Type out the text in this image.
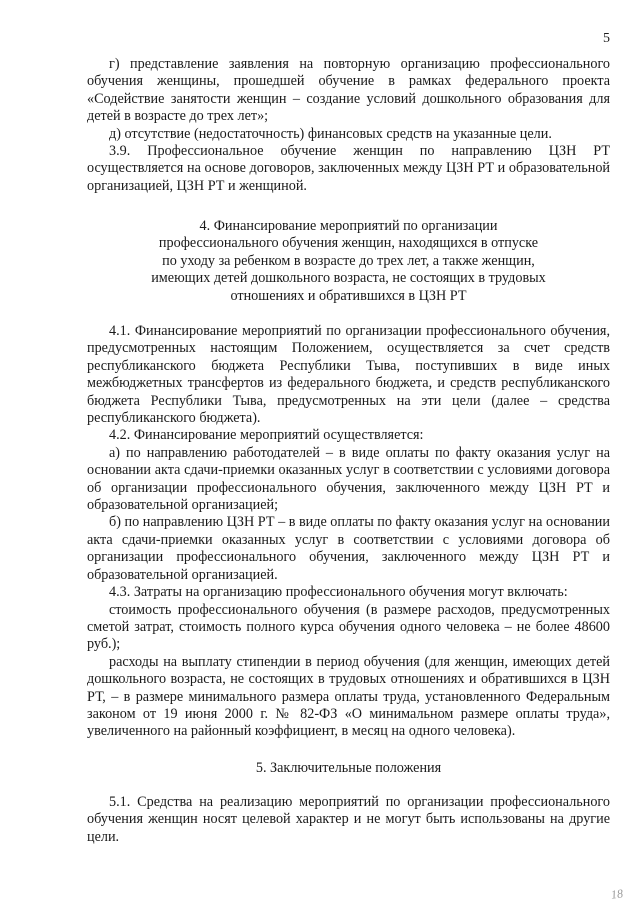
5

г) представление заявления на повторную организацию профессионального обучения женщины, прошедшей обучение в рамках федерального проекта «Содействие занятости женщин – создание условий дошкольного образования для детей в возрасте до трех лет»;

д) отсутствие (недостаточность) финансовых средств на указанные цели.

3.9. Профессиональное обучение женщин по направлению ЦЗН РТ осуществляется на основе договоров, заключенных между ЦЗН РТ и образовательной организацией, ЦЗН РТ и женщиной.

4. Финансирование мероприятий по организации
профессионального обучения женщин, находящихся в отпуске
по уходу за ребенком в возрасте до трех лет, а также женщин,
имеющих детей дошкольного возраста, не состоящих в трудовых
отношениях и обратившихся в ЦЗН РТ

4.1. Финансирование мероприятий по организации профессионального обучения, предусмотренных настоящим Положением, осуществляется за счет средств республиканского бюджета Республики Тыва, поступивших в виде иных межбюджетных трансфертов из федерального бюджета, и средств республиканского бюджета Республики Тыва, предусмотренных на эти цели (далее – средства республиканского бюджета).

4.2. Финансирование мероприятий осуществляется:

а) по направлению работодателей – в виде оплаты по факту оказания услуг на основании акта сдачи-приемки оказанных услуг в соответствии с условиями договора об организации профессионального обучения, заключенного между ЦЗН РТ и образовательной организацией;

б) по направлению ЦЗН РТ – в виде оплаты по факту оказания услуг на основании акта сдачи-приемки оказанных услуг в соответствии с условиями договора об организации профессионального обучения, заключенного между ЦЗН РТ и образовательной организацией.

4.3. Затраты на организацию профессионального обучения могут включать:

стоимость профессионального обучения (в размере расходов, предусмотренных сметой затрат, стоимость полного курса обучения одного человека – не более 48600 руб.);

расходы на выплату стипендии в период обучения (для женщин, имеющих детей дошкольного возраста, не состоящих в трудовых отношениях и обратившихся в ЦЗН РТ, – в размере минимального размера оплаты труда, установленного Федеральным законом от 19 июня 2000 г. № 82-ФЗ «О минимальном размере оплаты труда», увеличенного на районный коэффициент, в месяц на одного человека).

5. Заключительные положения

5.1. Средства на реализацию мероприятий по организации профессионального обучения женщин носят целевой характер и не могут быть использованы на другие цели.

18
